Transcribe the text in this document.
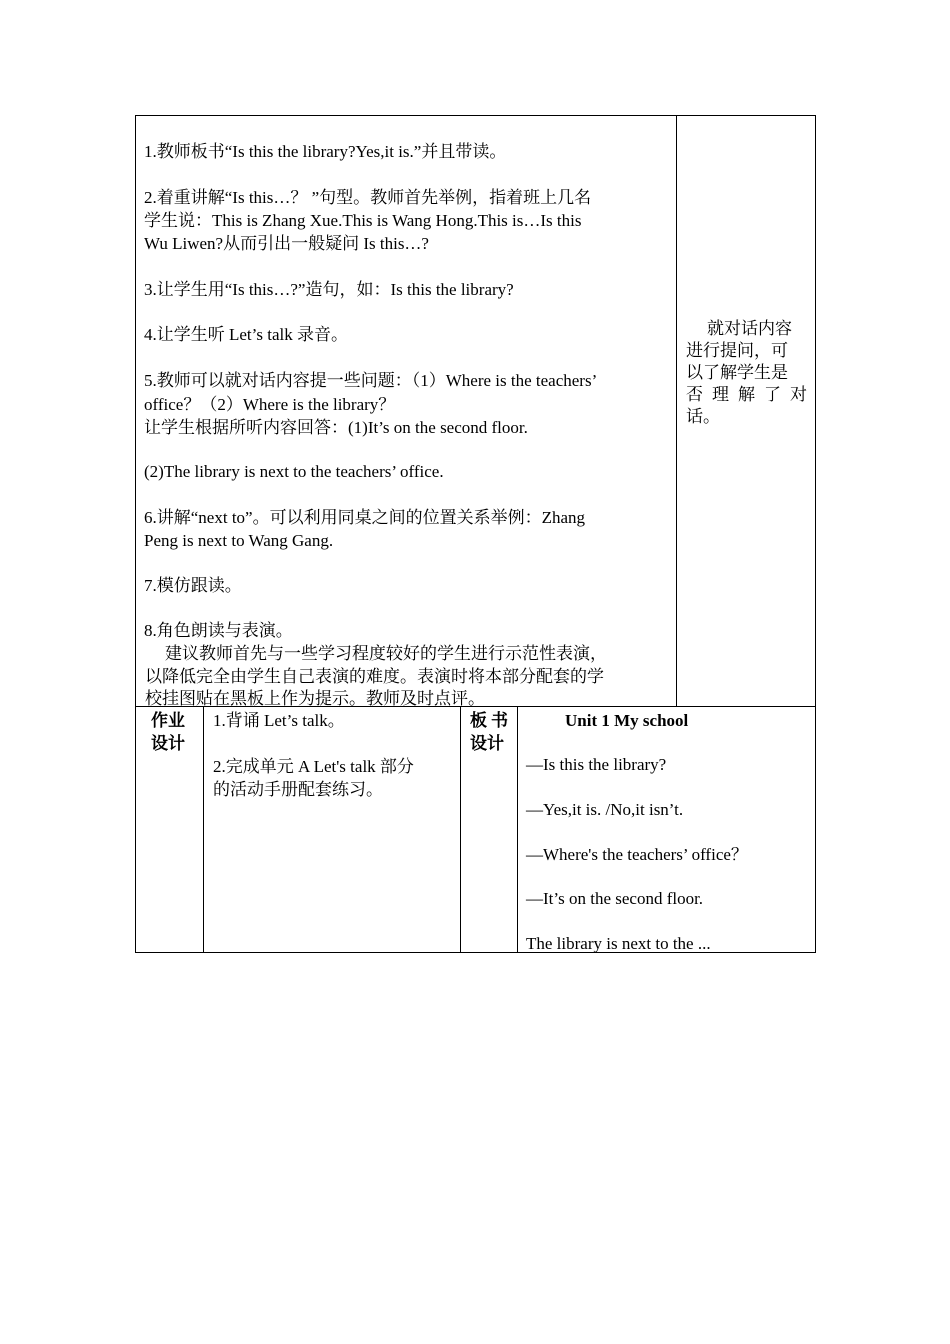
1.教师板书“Is this the library?Yes,it is.”并且带读。
2.着重讲解“Is this…？ ”句型。教师首先举例，指着班上几名
学生说：This is Zhang Xue.This is Wang Hong.This is…Is this
Wu Liwen?从而引出一般疑问 Is this…?
3.让学生用“Is this…?”造句，如：Is this the library?
4.让学生听 Let’s talk 录音。
5.教师可以就对话内容提一些问题：（1）Where is the teachers’
office？（2）Where is the library？
让学生根据所听内容回答：(1)It’s on the second floor.
(2)The library is next to the teachers’ office.
6.讲解“next to”。可以利用同桌之间的位置关系举例：Zhang
Peng is next to Wang Gang.
7.模仿跟读。
8.角色朗读与表演。
建议教师首先与一些学习程度较好的学生进行示范性表演，
以降低完全由学生自己表演的难度。表演时将本部分配套的学
校挂图贴在黑板上作为提示。教师及时点评。
就对话内容
进行提问，可
以了解学生是
否 理 解 了 对
话。
作业
设计
1.背诵 Let’s talk。
2.完成单元 A Let's talk 部分
的活动手册配套练习。
板书
设计
Unit 1 My school
—Is this the library?
—Yes,it is. /No,it isn’t.
—Where's the teachers’ office？
—It’s on the second floor.
The library is next to the ...
